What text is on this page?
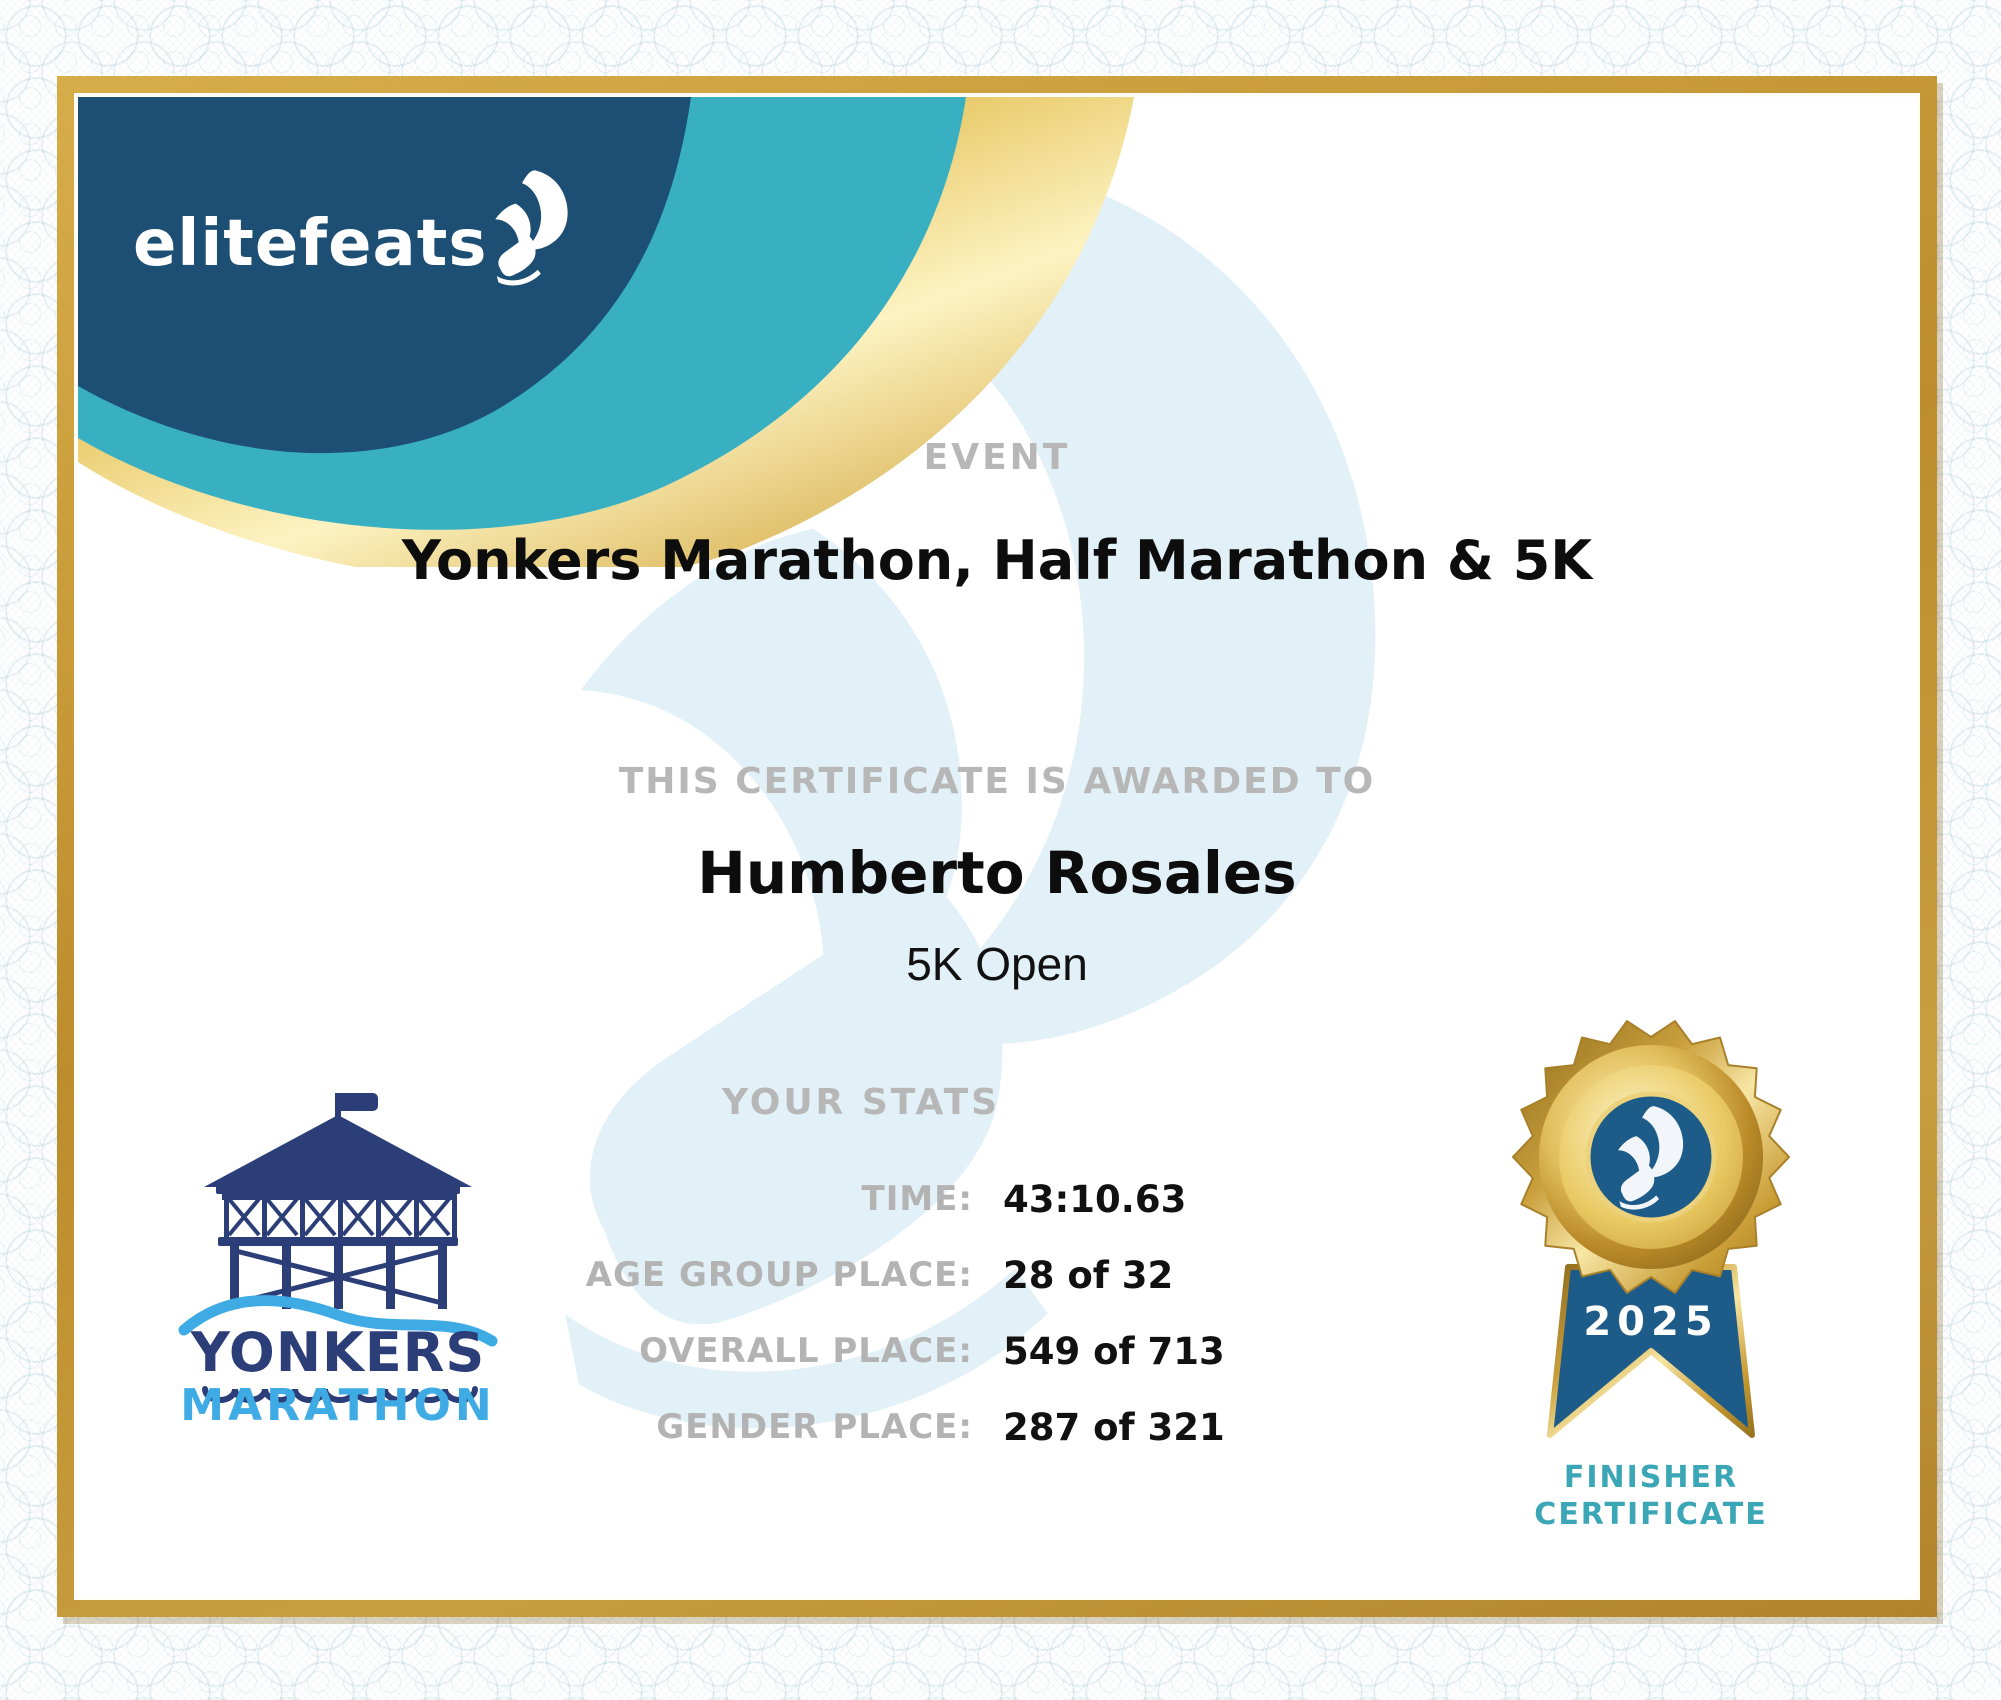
elitefeats
EVENT
Yonkers Marathon, Half Marathon & 5K
THIS CERTIFICATE IS AWARDED TO
Humberto Rosales
5K Open
YOUR STATS
TIME: 43:10.63
AGE GROUP PLACE: 28 of 32
OVERALL PLACE: 549 of 713
GENDER PLACE: 287 of 321
YONKERS
MARATHON
2025
FINISHER
CERTIFICATE
